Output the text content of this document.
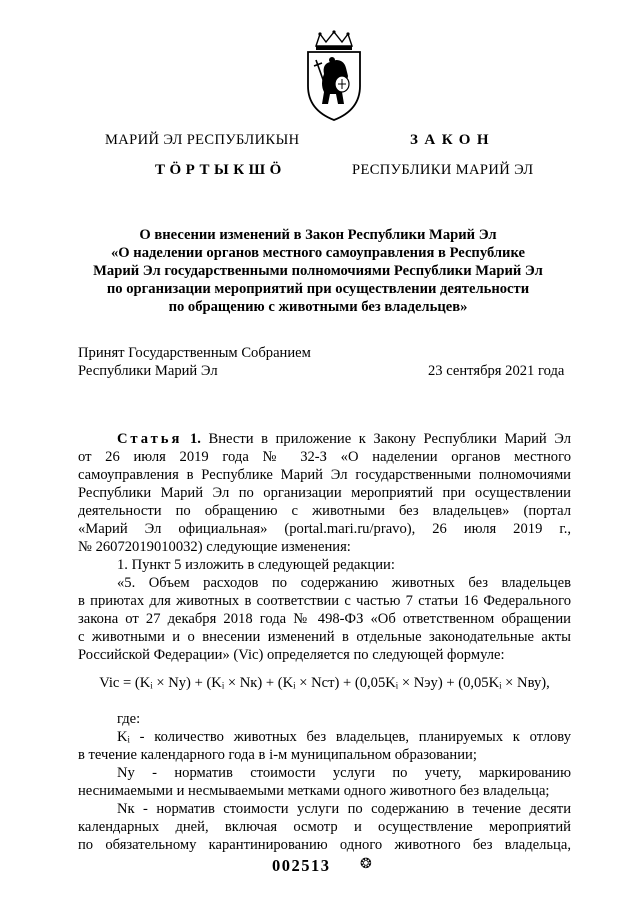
МАРИЙ ЭЛ РЕСПУБЛИКЫН
ТӦРТЫКШӦ
ЗАКОН
РЕСПУБЛИКИ МАРИЙ ЭЛ
О внесении изменений в Закон Республики Марий Эл
«О наделении органов местного самоуправления в Республике
Марий Эл государственными полномочиями Республики Марий Эл
по организации мероприятий при осуществлении деятельности
по обращению с животными без владельцев»
Принят Государственным Собранием
Республики Марий Эл	23 сентября 2021 года
Статья 1. Внести в приложение к Закону Республики Марий Эл
от 26 июля 2019 года № 32-З «О наделении органов местного
самоуправления в Республике Марий Эл государственными полномочиями
Республики Марий Эл по организации мероприятий при осуществлении
деятельности по обращению с животными без владельцев» (портал
«Марий Эл официальная» (portal.mari.ru/pravo), 26 июля 2019 г.,
№ 26072019010032) следующие изменения:
1. Пункт 5 изложить в следующей редакции:
«5. Объем расходов по содержанию животных без владельцев
в приютах для животных в соответствии с частью 7 статьи 16 Федерального
закона от 27 декабря 2018 года № 498-ФЗ «Об ответственном обращении
с животными и о внесении изменений в отдельные законодательные акты
Российской Федерации» (Viс) определяется по следующей формуле:
Viс = (Kᵢ × Nу) + (Kᵢ × Nк) + (Kᵢ × Nст) + (0,05Kᵢ × Nэу) + (0,05Kᵢ × Nву),
где:
Kᵢ - количество животных без владельцев, планируемых к отлову
в течение календарного года в i-м муниципальном образовании;
Nу - норматив стоимости услуги по учету, маркированию
неснимаемыми и несмываемыми метками одного животного без владельца;
Nк - норматив стоимости услуги по содержанию в течение десяти
календарных дней, включая осмотр и осуществление мероприятий
по обязательному карантинированию одного животного без владельца,
002513 ❂
